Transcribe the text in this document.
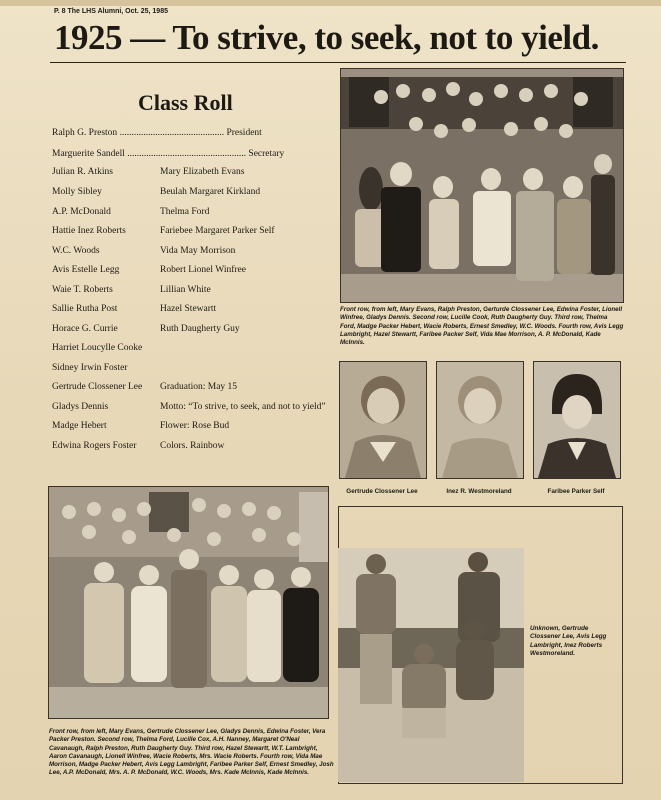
P. 8 The LHS Alumni, Oct. 25, 1985
1925 — To strive, to seek, not to yield.
Class Roll
Ralph G. Preston ............................................ President
Marguerite Sandell .................................................. Secretary
Julian R. Atkins
Molly Sibley
A.P. McDonald
Hattie Inez Roberts
W.C. Woods
Avis Estelle Legg
Waie T. Roberts
Sallie Rutha Post
Horace G. Currie
Harriet Loucylle Cooke
Sidney Irwin Foster
Gertrude Clossener Lee
Gladys Dennis
Madge Hebert
Edwina Rogers Foster
Mary Elizabeth Evans
Beulah Margaret Kirkland
Thelma Ford
Fariebee Margaret Parker Self
Vida May Morrison
Robert Lionel Winfree
Lillian White
Hazel Stewartt
Ruth Daugherty Guy
Graduation: May 15
Motto: “To strive, to seek, and not to yield”
Flower: Rose Bud
Colors. Rainbow
Front row, from left, Mary Evans, Ralph Preston, Gerturde Clossener Lee, Edwina Foster, Lionell Winfree, Gladys Dennis. Second row, Lucille Cook, Ruth Daugherty Guy. Third row, Thelma Ford, Madge Packer Hebert, Wacie Roberts, Ernest Smedley, W.C. Woods. Fourth row, Avis Legg Lambright, Hazel Stewartt, Faribee Packer Self, Vida Mae Morrison, A. P. McDonald, Kade McInnis.
Gertrude Clossener Lee	Inez R. Westmoreland	Faribee Parker Self
Front row, from left, Mary Evans, Gertrude Clossener Lee, Gladys Dennis, Edwina Foster, Vera Packer Preston. Second row, Thelma Ford, Lucille Cox, A.H. Nanney, Margaret O'Neal Cavanaugh, Ralph Preston, Ruth Daugherty Guy. Third row, Hazel Stewartt, W.T. Lambright, Aaron Cavanaugh, Lionell Winfree, Wacie Roberts, Mrs. Wacie Roberts. Fourth row, Vida Mae Morrison, Madge Packer Hebert, Avis Legg Lambright, Faribee Parker Self, Ernest Smedley, Josh Lee, A.P. McDonald, Mrs. A. P. McDonald, W.C. Woods, Mrs. Kade McInnis, Kade McInnis.
Unknown, Gertrude Clossener Lee, Avis Legg Lambright, Inez Roberts Westmoreland.
